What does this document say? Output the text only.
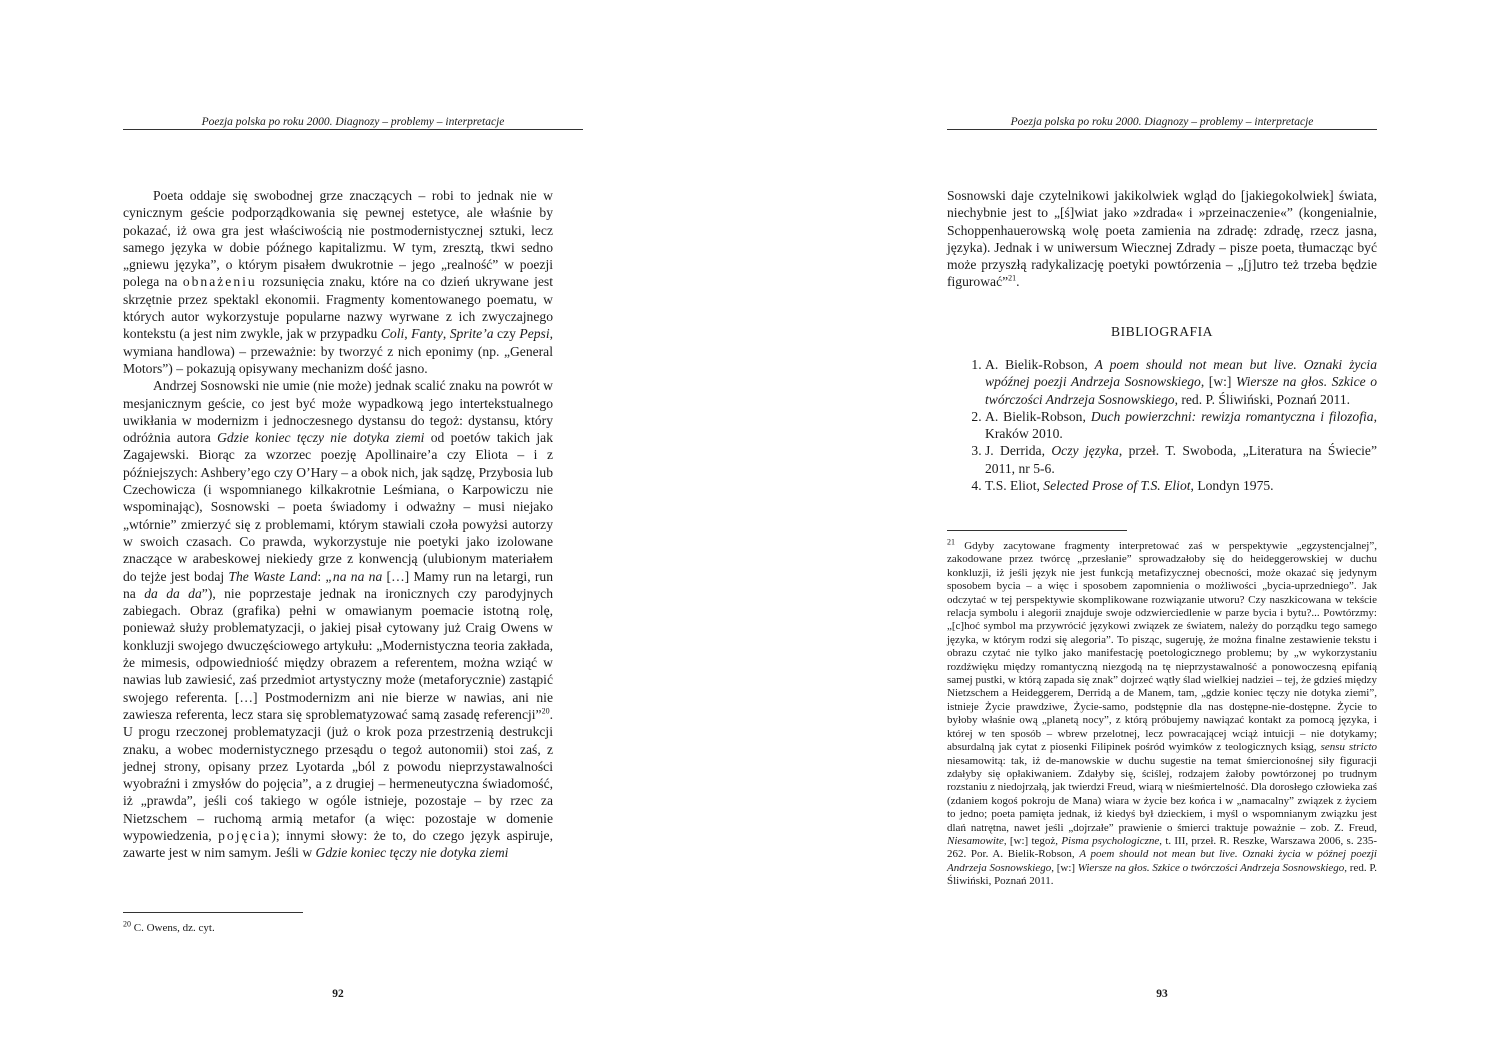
Poezja polska po roku 2000. Diagnozy – problemy – interpretacje

Poeta oddaje się swobodnej grze znaczących – robi to jednak nie w cynicznym geście podporządkowania się pewnej estetyce, ale właśnie by pokazać, iż owa gra jest właściwością nie postmodernistycznej sztuki, lecz samego języka w dobie późnego kapitalizmu. W tym, zresztą, tkwi sedno „gniewu języka”, o którym pisałem dwukrotnie – jego „realność” w poezji polega na obnażeniu rozsunięcia znaku, które na co dzień ukrywane jest skrzętnie przez spektakl ekonomii. Fragmenty komentowanego poematu, w których autor wykorzystuje popularne nazwy wyrwane z ich zwyczajnego kontekstu (a jest nim zwykle, jak w przypadku Coli, Fanty, Sprite’a czy Pepsi, wymiana handlowa) – przeważnie: by tworzyć z nich eponimy (np. „General Motors”) – pokazują opisywany mechanizm dość jasno.

Andrzej Sosnowski nie umie (nie może) jednak scalić znaku na powrót w mesjanicznym geście, co jest być może wypadkową jego intertekstualnego uwikłania w modernizm i jednoczesnego dystansu do tegoż: dystansu, który odróżnia autora Gdzie koniec tęczy nie dotyka ziemi od poetów takich jak Zagajewski. Biorąc za wzorzec poezję Apollinaire’a czy Eliota – i z późniejszych: Ashbery’ego czy O’Hary – a obok nich, jak sądzę, Przybosia lub Czechowicza (i wspomnianego kilkakrotnie Leśmiana, o Karpowiczu nie wspominając), Sosnowski – poeta świadomy i odważny – musi niejako „wtórnie” zmierzyć się z problemami, którym stawiali czoła powyżsi autorzy w swoich czasach. Co prawda, wykorzystuje nie poetyki jako izolowane znaczące w arabeskowej niekiedy grze z konwencją (ulubionym materiałem do tejże jest bodaj The Waste Land: „na na na […] Mamy run na letargi, run na da da da”), nie poprzestaje jednak na ironicznych czy parodyjnych zabiegach. Obraz (grafika) pełni w omawianym poemacie istotną rolę, ponieważ służy problematyzacji, o jakiej pisał cytowany już Craig Owens w konkluzji swojego dwuczęściowego artykułu: „Modernistyczna teoria zakłada, że mimesis, odpowiedniość między obrazem a referentem, można wziąć w nawias lub zawiesić, zaś przedmiot artystyczny może (metaforycznie) zastąpić swojego referenta. […] Postmodernizm ani nie bierze w nawias, ani nie zawiesza referenta, lecz stara się sproblematyzować samą zasadę referencji”$^{20}$. U progu rzeczonej problematyzacji (już o krok poza przestrzenią destrukcji znaku, a wobec modernistycznego przesądu o tegoż autonomii) stoi zaś, z jednej strony, opisany przez Lyotarda „ból z powodu nieprzystawalności wyobraźni i zmysłów do pojęcia”, a z drugiej – hermeneutyczna świadomość, iż „prawda”, jeśli coś takiego w ogóle istnieje, pozostaje – by rzec za Nietzschem – ruchomą armią metafor (a więc: pozostaje w domenie wypowiedzenia, pojęcia); innymi słowy: że to, do czego język aspiruje, zawarte jest w nim samym. Jeśli w Gdzie koniec tęczy nie dotyka ziemi

$^{20}$ C. Owens, dz. cyt.
92
Poezja polska po roku 2000. Diagnozy – problemy – interpretacje

Sosnowski daje czytelnikowi jakikolwiek wgląd do [jakiegokolwiek] świata, niechybnie jest to „[ś]wiat jako »zdrada« i »przeinaczenie«” (kongenialnie, Schoppenhauerowską wolę poeta zamienia na zdradę: zdradę, rzecz jasna, języka). Jednak i w uniwersum Wiecznej Zdrady – pisze poeta, tłumacząc być może przyszłą radykalizację poetyki powtórzenia – „[j]utro też trzeba będzie figurować”$^{21}$.

BIBLIOGRAFIA
1. A. Bielik-Robson, A poem should not mean but live. Oznaki życia wpóźnej poezji Andrzeja Sosnowskiego, [w:] Wiersze na głos. Szkice o twórczości Andrzeja Sosnowskiego, red. P. Śliwiński, Poznań 2011.
2. A. Bielik-Robson, Duch powierzchni: rewizja romantyczna i filozofia, Kraków 2010.
3. J. Derrida, Oczy języka, przeł. T. Swoboda, „Literatura na Świecie” 2011, nr 5-6.
4. T.S. Eliot, Selected Prose of T.S. Eliot, Londyn 1975.
$^{21}$ Gdyby zacytowane fragmenty interpretować zaś w perspektywie „egzystencjalnej”, zakodowane przez twórcę „przesłanie” sprowadzałoby się do heideggerowskiej w duchu konkluzji, iż jeśli język nie jest funkcją metafizycznej obecności, może okazać się jedynym sposobem bycia – a więc i sposobem zapomnienia o możliwości „bycia-uprzedniego”. Jak odczytać w tej perspektywie skomplikowane rozwiązanie utworu? Czy naszkicowana w tekście relacja symbolu i alegorii znajduje swoje odzwierciedlenie w parze bycia i bytu?... Powtórzmy: „[c]hoć symbol ma przywrócić językowi związek ze światem, należy do porządku tego samego języka, w którym rodzi się alegoria”. To pisząc, sugeruję, że można finalne zestawienie tekstu i obrazu czytać nie tylko jako manifestację poetologicznego problemu; by „w wykorzystaniu rozdźwięku między romantyczną niezgodą na tę nieprzystawalność a ponowoczesną epifanią samej pustki, w którą zapada się znak” dojrzeć wątły ślad wielkiej nadziei – tej, że gdzieś między Nietzschem a Heideggerem, Derridą a de Manem, tam, „gdzie koniec tęczy nie dotyka ziemi”, istnieje Życie prawdziwe, Życie-samo, podstępnie dla nas dostępne-nie-dostępne. Życie to byłoby właśnie ową „planetą nocy”, z którą próbujemy nawiązać kontakt za pomocą języka, i której w ten sposób – wbrew przelotnej, lecz powracającej wciąż intuicji – nie dotykamy; absurdalną jak cytat z piosenki Filipinek pośród wyimków z teologicznych ksiąg, sensu stricto niesamowitą: tak, iż de-manowskie w duchu sugestie na temat śmiercionośnej siły figuracji zdałyby się opłakiwaniem. Zdałyby się, ściślej, rodzajem żałoby powtórzonej po trudnym rozstaniu z niedojrzałą, jak twierdzi Freud, wiarą w nieśmiertelność. Dla dorosłego człowieka zaś (zdaniem kogoś pokroju de Mana) wiara w życie bez końca i w „namacalny” związek z życiem to jedno; poeta pamięta jednak, iż kiedyś był dzieckiem, i myśl o wspomnianym związku jest dlań natrętna, nawet jeśli „dojrzałe” prawienie o śmierci traktuje poważnie – zob. Z. Freud, Niesamowite, [w:] tegoż, Pisma psychologiczne, t. III, przeł. R. Reszke, Warszawa 2006, s. 235-262. Por. A. Bielik-Robson, A poem should not mean but live. Oznaki życia w późnej poezji Andrzeja Sosnowskiego, [w:] Wiersze na głos. Szkice o twórczości Andrzeja Sosnowskiego, red. P. Śliwiński, Poznań 2011.
93
